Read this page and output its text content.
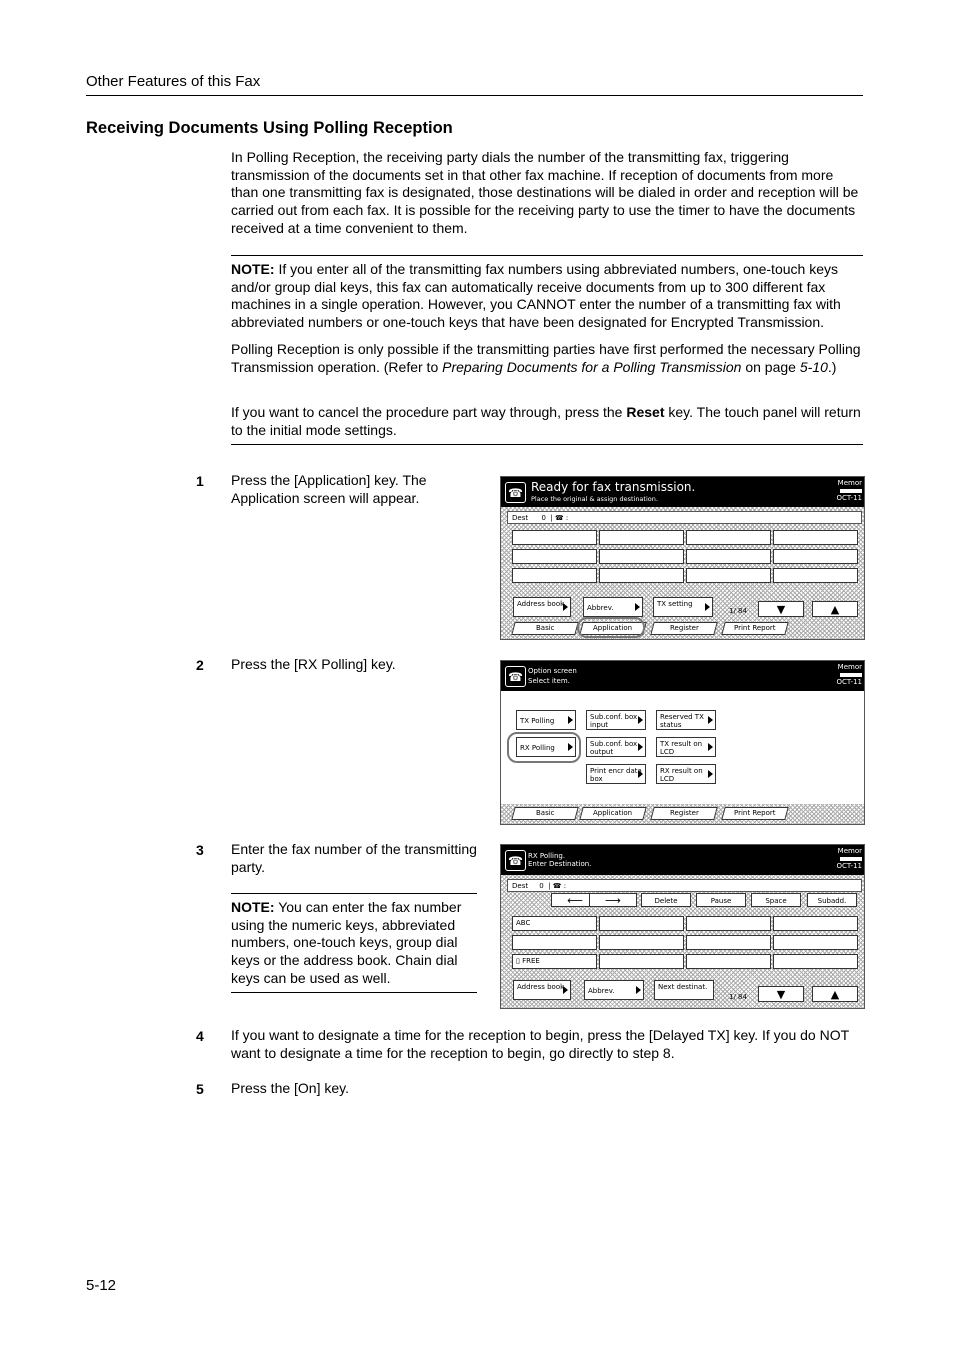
Other Features of this Fax
Receiving Documents Using Polling Reception
In Polling Reception, the receiving party dials the number of the transmitting fax, triggering transmission of the documents set in that other fax machine. If reception of documents from more than one transmitting fax is designated, those destinations will be dialed in order and reception will be carried out from each fax. It is possible for the receiving party to use the timer to have the documents received at a time convenient to them.
NOTE: If you enter all of the transmitting fax numbers using abbreviated numbers, one-touch keys and/or group dial keys, this fax can automatically receive documents from up to 300 different fax machines in a single operation. However, you CANNOT enter the number of a transmitting fax with abbreviated numbers or one-touch keys that have been designated for Encrypted Transmission.
Polling Reception is only possible if the transmitting parties have first performed the necessary Polling Transmission operation. (Refer to Preparing Documents for a Polling Transmission on page 5-10.)
If you want to cancel the procedure part way through, press the Reset key. The touch panel will return to the initial mode settings.
1 Press the [Application] key. The Application screen will appear.
2 Press the [RX Polling] key.
3 Enter the fax number of the transmitting party.
NOTE: You can enter the fax number using the numeric keys, abbreviated numbers, one-touch keys, group dial keys or the address book. Chain dial keys can be used as well.
4 If you want to designate a time for the reception to begin, press the [Delayed TX] key. If you do NOT want to designate a time for the reception to begin, go directly to step 8.
5 Press the [On] key.
5-12
☎ Ready for fax transmission.
Place the original & assign destination.
Memor
OCT-11
Dest 0  | ☎ :
Address book	Abbrev.	TX setting
1/ 84	▼	▲
Basic	Application	Register	Print Report
☎ Option screen
Select item.
Memor
OCT-11
TX Polling	Sub.conf. box input
Reserved TX status
RX Polling	Sub.conf. box output
TX result on LCD
Print encr data box
RX result on LCD
Basic	Application	Register	Print Report
☎ RX Polling.
Enter Destination.
Memor
OCT-11
Dest 0  | ☎ :
⟵ ⟶	Delete	Pause	Space	Subadd.
ABC
▯ FREE
Address book	Abbrev.	Next destinat.
1/ 84	▼	▲
